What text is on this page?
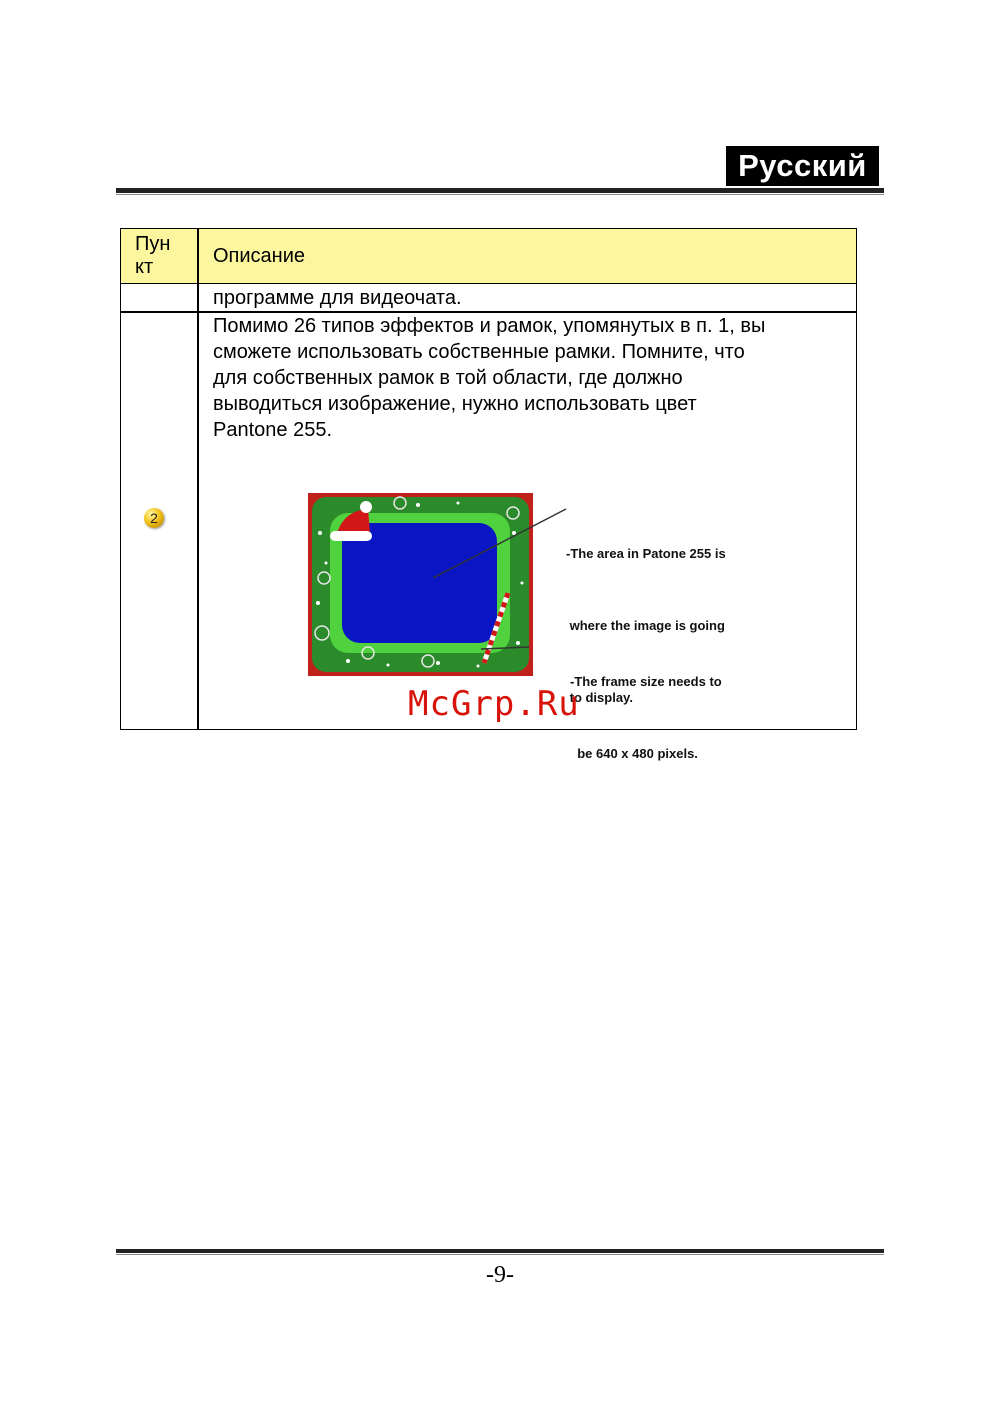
Русский
Пун
кт	Описание
программе для видеочата.
2
Помимо 26 типов эффектов и рамок, упомянутых в п. 1, вы
сможете использовать собственные рамки. Помните, что
для собственных рамок в той области, где должно
выводиться изображение, нужно использовать цвет
Pantone 255.

-The area in Patone 255 is

where the image is going

to display.

-The frame size needs to

be 640 x 480 pixels.

McGrp.Ru
-9-
